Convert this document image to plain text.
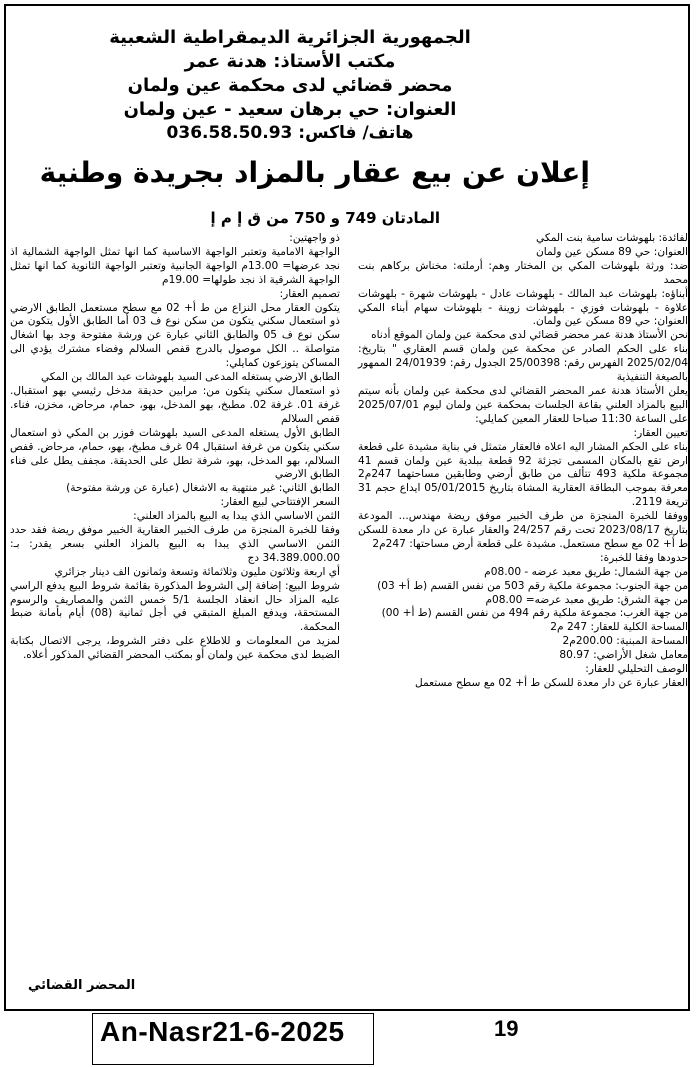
الجمهورية الجزائرية الديمقراطية الشعبية
مكتب الأستاذ: هدنة عمر
محضر قضائي لدى محكمة عين ولمان
العنوان: حي برهان سعيد - عين ولمان
هاتف/ فاكس: 036.58.50.93
إعلان عن بيع عقار بالمزاد بجريدة وطنية
المادتان 749 و 750 من ق إ م إ
لفائدة: بلهوشات سامية بنت المكي
العنوان: حي 89 مسكن عين ولمان
ضد: ورثة بلهوشات المكي بن المختار وهم: أرملته: مخناش بركاهم بنت محمد
أبناؤه: بلهوشات عبد المالك - بلهوشات عادل - بلهوشات شهرة - بلهوشات علاوة - بلهوشات فوزي - بلهوشات زوينة - بلهوشات سهام أبناء المكي العنوان: حي 89 مسكن عين ولمان.
نحن الأستاذ هدنة عمر محضر قضائي لدى محكمة عين ولمان الموقع أدناه
بناء على الحكم الصادر عن محكمة عين ولمان قسم العقاري " بتاريخ: 2025/02/04 الفهرس رقم: 25/00398 الجدول رقم: 24/01939 الممهور بالصيغة التنفيذية
يعلن الأستاذ هدنة عمر المحضر القضائي لدى محكمة عين ولمان بأنه سيتم البيع بالمزاد العلني بقاعة الجلسات بمحكمة عين ولمان ليوم 2025/07/01 على الساعة 11:30 صباحا للعقار المعين كمايلي:
تعيين العقار:
بناء على الحكم المشار اليه اعلاه فالعقار متمثل في بناية مشيدة على قطعة ارض تقع بالمكان المسمى تجزئة 92 قطعة ببلدية عين ولمان قسم 41 مجموعة ملكية 493 تتألف من طابق أرضي وطابقين مساحتهما 247م2 معرفة بموجب البطاقة العقارية المشاة بتاريخ 05/01/2015 ايداع حجم 31 تريعة 2119.
ووفقا للخبرة المنجزة من طرف الخبير موفق ريضة مهندس... المودعة بتاريخ 2023/08/17 تحت رقم 24/257 والعقار عبارة عن دار معدة للسكن ط أ+ 02 مع سطح مستعمل. مشيدة على قطعة أرض مساحتها: 247م2
حدودها وفقا للخبرة:
من جهة الشمال: طريق معبد عرضه - 08.00م
من جهة الجنوب: مجموعة ملكية رقم 503 من نفس القسم (ط أ+ 03)
من جهة الشرق: طريق معبد عرضه= 08.00م
من جهة الغرب: مجموعة ملكية رقم 494 من نفس القسم (ط أ+ 00)
المساحة الكلية للعقار: 247 م2
المساحة المبنية: 200.00م2
معامل شغل الأراضي: 80.97
الوصف التحليلي للعقار:
العقار عبارة عن دار معدة للسكن ط أ+ 02 مع سطح مستعمل
ذو واجهتين:
الواجهة الامامية وتعتبر الواجهة الاساسية كما انها تمثل الواجهة الشمالية اذ نجد عرضها= 13.00م الواجهة الجانبية وتعتبر الواجهة الثانوية كما انها تمثل الواجهة الشرقية اذ نجد طولها= 19.00م
تصميم العقار:
يتكون العقار محل النزاع من ط أ+ 02 مع سطح مستعمل الطابق الارضي ذو استعمال سكني يتكون من سكن نوع ف 03 أما الطابق الأول يتكون من سكن نوع ف 05 والطابق الثاني عبارة عن ورشة مفتوحة وجد بها اشغال متواصلة .. الكل موصول بالدرج قفص السلالم وفضاء مشترك يؤدي الى المساكن يتوزعون كمايلي:
الطابق الارضي يستغله المدعى السيد بلهوشات عبد المالك بن المكي
ذو استعمال سكني يتكون من: مرابين حديقة مدخل رئيسي بهو استقبال. غرفة 01. غرفة 02. مطبخ، بهو المدخل، بهو، حمام، مرحاض، مخزن، فناء. قفص السلالم
الطابق الأول يستغله المدعى السيد بلهوشات فوزر بن المكي ذو استعمال سكني يتكون من غرفة استقبال 04 غرف مطبخ، بهو، حمام، مرحاض. قفص السلالم، بهو المدخل، بهو، شرفة تطل على الحديقة. مجفف يطل على فناء الطابق الارضي
الطابق الثاني: غير منتهية به الاشغال (عبارة عن ورشة مفتوحة)
السعر الإفتتاحي لبيع العقار:
الثمن الاساسي الذي يبدا به البيع بالمزاد العلني:
وفقا للخبرة المنجزة من طرف الخبير العقارية الخبير موفق ريضة فقد حدد الثمن الاساسي الذي يبدا به البيع بالمزاد العلني بسعر يقدر: بـ: 34.389.000.00 دج
أي اربعة وثلاثون مليون وثلاثمائة وتسعة وثمانون الف دينار جزائري
شروط البيع: إضافة إلى الشروط المذكورة بقائمة شروط البيع يدفع الراسي عليه المزاد حال انعقاد الجلسة 5/1 خمس الثمن والمصاريف والرسوم المستحقة، ويدفع المبلغ المتبقي في أجل ثمانية (08) أيام بأمانة ضبط المحكمة.
لمزيد من المعلومات و للاطلاع على دفتر الشروط، يرجى الاتصال بكتابة الضبط لدى محكمة عين ولمان أو بمكتب المحضر القضائي المذكور أعلاه.
المحضر القضائي
An-Nasr21-6-2025	19
